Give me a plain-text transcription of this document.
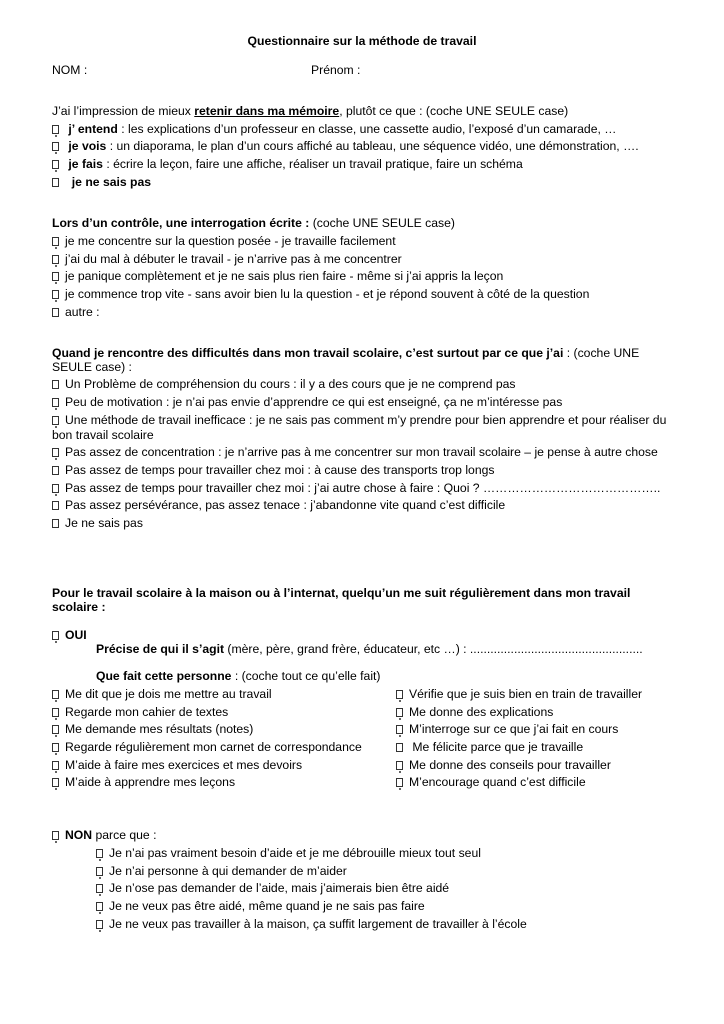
Questionnaire sur la méthode de travail
NOM :	Prénom :
J’ai l’impression de mieux retenir dans ma mémoire, plutôt ce que : (coche UNE SEULE case)
j’ entend : les explications d’un professeur en classe, une cassette audio, l’exposé d’un camarade, …
je vois : un diaporama, le plan d’un cours affiché au tableau, une séquence vidéo, une démonstration, ….
je fais : écrire la leçon, faire une affiche, réaliser un travail pratique, faire un schéma
je ne sais pas
Lors d’un contrôle, une interrogation écrite : (coche UNE SEULE case)
je me concentre sur la question posée - je travaille facilement
j’ai du mal à débuter le travail - je n’arrive pas à me concentrer
je panique complètement et je ne sais plus rien faire - même si j’ai appris la leçon
je commence trop vite - sans avoir bien lu la question - et je répond souvent à côté de la question
autre :
Quand je rencontre des difficultés dans mon travail scolaire, c’est surtout par ce que j’ai : (coche UNE
SEULE case) :
Un Problème de compréhension du cours : il y a des cours que je ne comprend pas
Peu de motivation : je n’ai pas envie d’apprendre ce qui est enseigné, ça ne m’intéresse pas
Une méthode de travail inefficace : je ne sais pas comment m’y prendre pour bien apprendre et pour réaliser du
bon travail scolaire
Pas assez de concentration : je n’arrive pas à me concentrer sur mon travail scolaire – je pense à autre chose
Pas assez de temps pour travailler chez moi : à cause des transports trop longs
Pas assez de temps pour travailler chez moi : j’ai autre chose à faire : Quoi ? ……………………………………..
Pas assez persévérance, pas assez tenace : j’abandonne vite quand c’est difficile
Je ne sais pas
Pour le travail scolaire à la maison ou à l’internat, quelqu’un me suit régulièrement dans mon travail
scolaire :
OUI
Précise de qui il s’agit (mère, père, grand frère, éducateur, etc …) : ...................................................
Que fait cette personne : (coche tout ce qu’elle fait)
Me dit que je dois me mettre au travail
Regarde mon cahier de textes
Me demande mes résultats (notes)
Regarde régulièrement mon carnet de correspondance
M’aide à faire mes exercices et mes devoirs
M’aide à apprendre mes leçons
Vérifie que je suis bien en train de travailler
Me donne des explications
M’interroge sur ce que j’ai fait en cours
Me félicite parce que je travaille
Me donne des conseils pour travailler
M’encourage quand c’est difficile
NON parce que :
Je n’ai pas vraiment besoin d’aide et je me débrouille mieux tout seul
Je n’ai personne à qui demander de m’aider
Je n’ose pas demander de l’aide, mais j’aimerais bien être aidé
Je ne veux pas être aidé, même quand je ne sais pas faire
Je ne veux pas travailler à la maison, ça suffit largement de travailler à l’école
